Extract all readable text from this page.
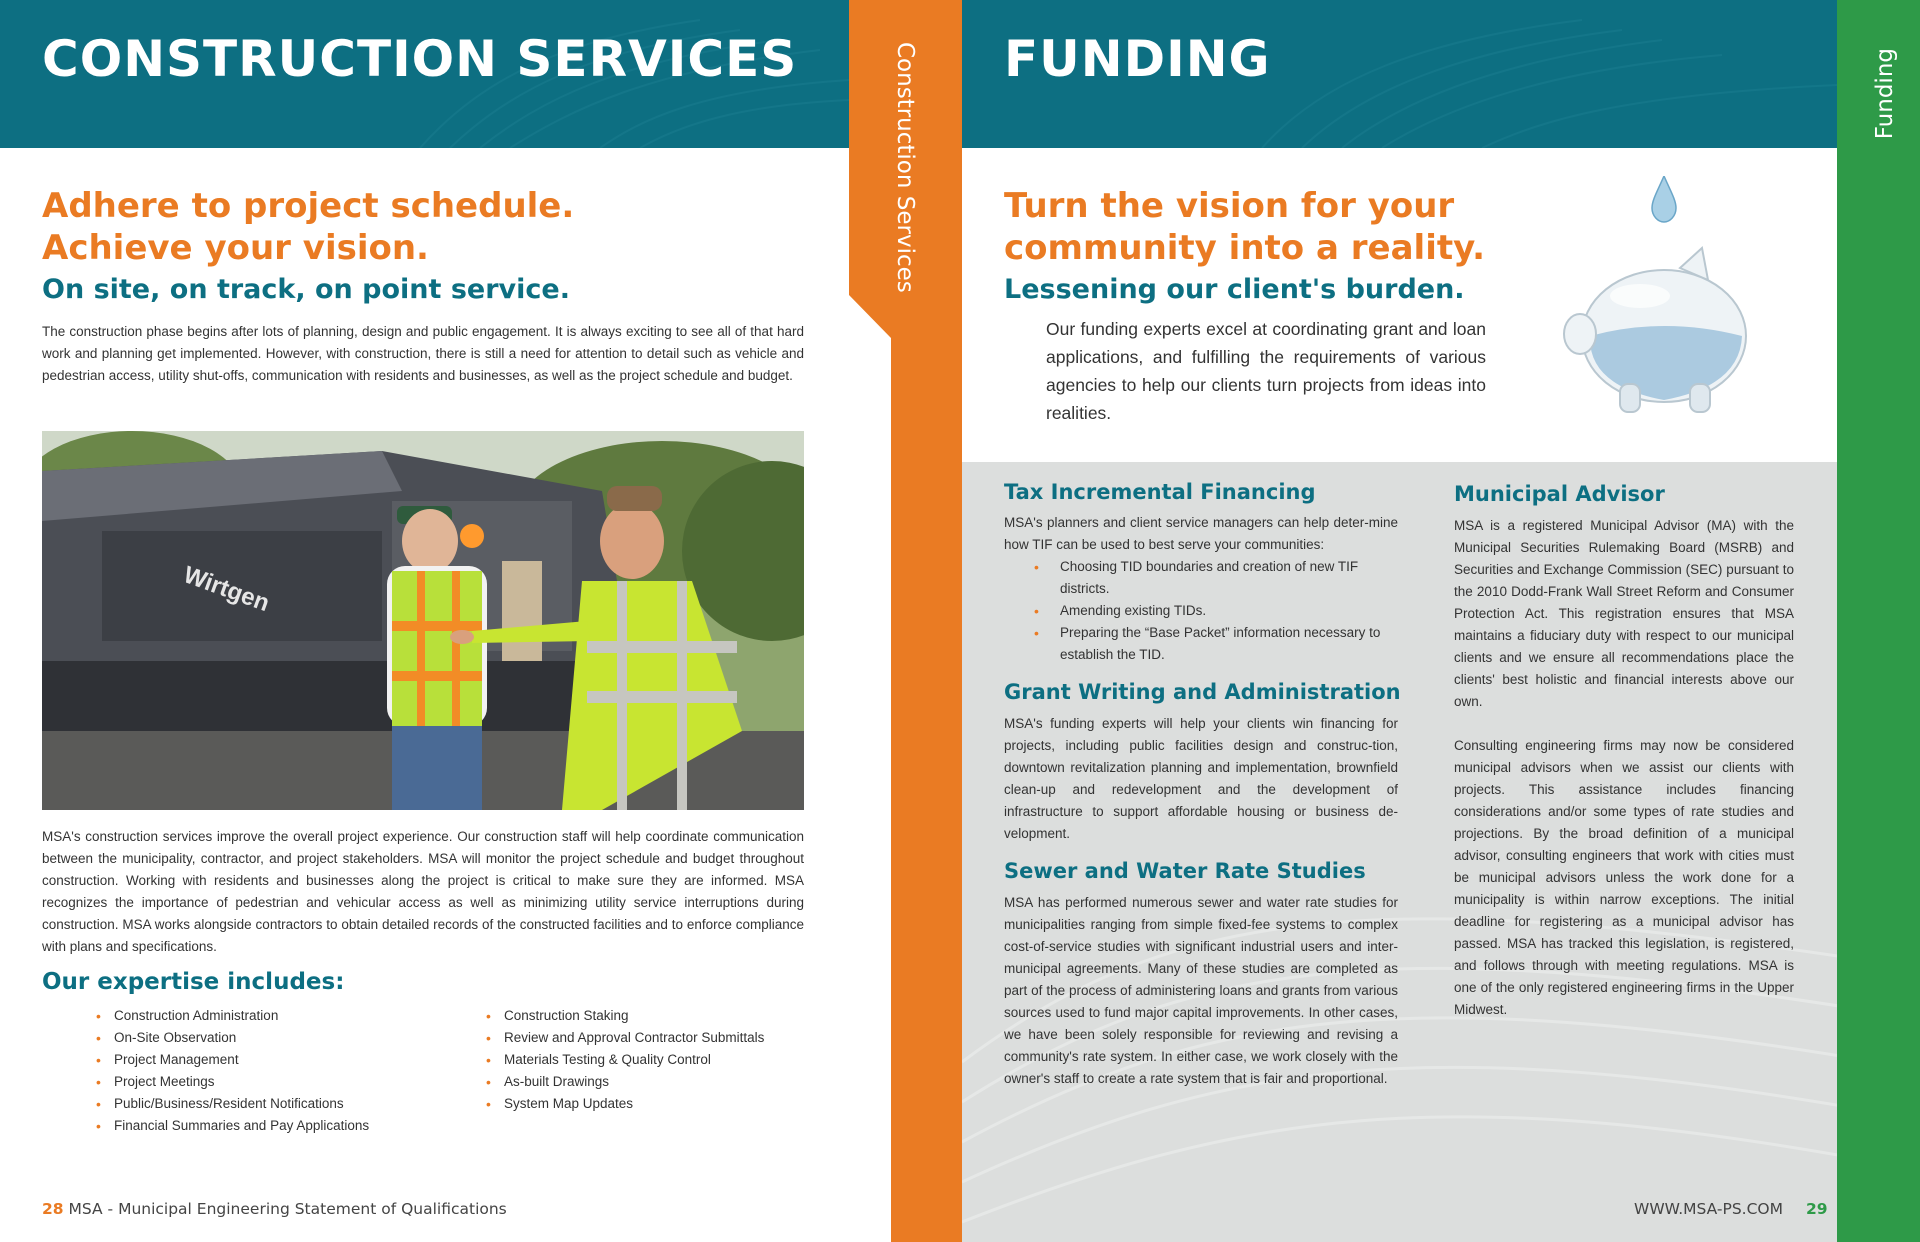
CONSTRUCTION SERVICES	Construction Services
Adhere to project schedule.
Achieve your vision.
On site, on track, on point service.
The construction phase begins after lots of planning, design and public engagement. It is always exciting to see all of that hard work and planning get implemented. However, with construction, there is still a need for attention to detail such as vehicle and pedestrian access, utility shut-offs, communication with residents and businesses, as well as the project schedule and budget.
Wirtgen
MSA's construction services improve the overall project experience. Our construction staff will help coordinate communication between the municipality, contractor, and project stakeholders. MSA will monitor the project schedule and budget throughout construction. Working with residents and businesses along the project is critical to make sure they are informed. MSA recognizes the importance of pedestrian and vehicular access as well as minimizing utility service interruptions during construction. MSA works alongside contractors to obtain detailed records of the constructed facilities and to enforce compliance with plans and specifications.
Our expertise includes:
• Construction Administration
• On-Site Observation
• Project Management
• Project Meetings
• Public/Business/Resident Notifications
• Financial Summaries and Pay Applications
• Construction Staking
• Review and Approval Contractor Submittals
• Materials Testing & Quality Control
• As-built Drawings
• System Map Updates
28 MSA - Municipal Engineering Statement of Qualifications
FUNDING	Funding
Turn the vision for your
community into a reality.
Lessening our client's burden.
Our funding experts excel at coordinating grant and loan applications, and fulfilling the requirements of various agencies to help our clients turn projects from ideas into realities.
Tax Incremental Financing
MSA's planners and client service managers can help deter-mine how TIF can be used to best serve your communities:
• Choosing TID boundaries and creation of new TIF districts.
• Amending existing TIDs.
• Preparing the “Base Packet” information necessary to establish the TID.
Grant Writing and Administration
MSA's funding experts will help your clients win financing for projects, including public facilities design and construc-tion, downtown revitalization planning and implementation, brownfield clean-up and redevelopment and the development of infrastructure to support affordable housing or business de-velopment.
Sewer and Water Rate Studies
MSA has performed numerous sewer and water rate studies for municipalities ranging from simple fixed-fee systems to complex cost-of-service studies with significant industrial users and inter-municipal agreements. Many of these studies are completed as part of the process of administering loans and grants from various sources used to fund major capital improvements. In other cases, we have been solely responsible for reviewing and revising a community's rate system. In either case, we work closely with the owner's staff to create a rate system that is fair and proportional.
Municipal Advisor
MSA is a registered Municipal Advisor (MA) with the Municipal Securities Rulemaking Board (MSRB) and Securities and Exchange Commission (SEC) pursuant to the 2010 Dodd-Frank Wall Street Reform and Consumer Protection Act. This registration ensures that MSA maintains a fiduciary duty with respect to our municipal clients and we ensure all recommendations place the clients' best holistic and financial interests above our own.
Consulting engineering firms may now be considered municipal advisors when we assist our clients with projects. This assistance includes financing considerations and/or some types of rate studies and projections. By the broad definition of a municipal advisor, consulting engineers that work with cities must be municipal advisors unless the work done for a municipality is within narrow exceptions. The initial deadline for registering as a municipal advisor has passed. MSA has tracked this legislation, is registered, and follows through with meeting regulations. MSA is one of the only registered engineering firms in the Upper Midwest.
WWW.MSA-PS.COM 29
